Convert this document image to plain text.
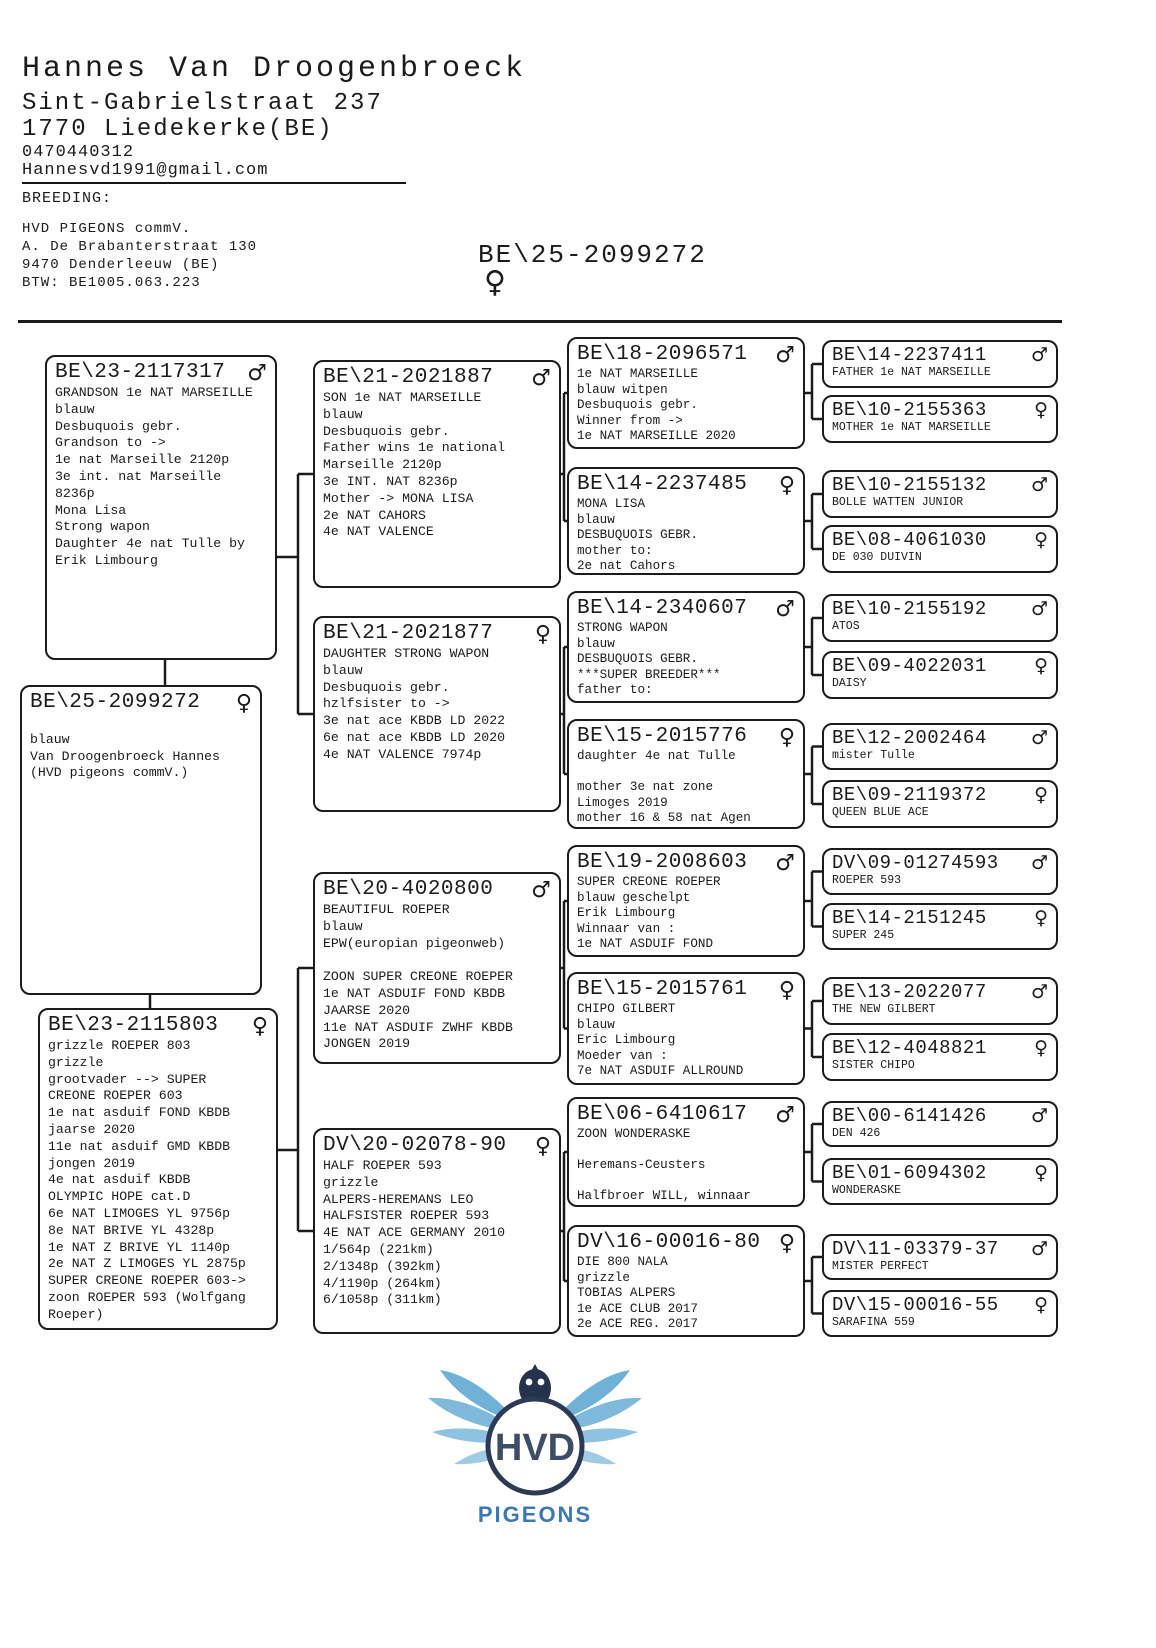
Hannes Van Droogenbroeck
Sint-Gabrielstraat 237
1770 Liedekerke(BE)
0470440312
Hannesvd1991@gmail.com
BREEDING:
HVD PIGEONS commV.
A. De Brabanterstraat 130
9470 Denderleeuw (BE)
BTW: BE1005.063.223
BE\25-2099272
♀
BE\23-2117317 ♂
GRANDSON 1e NAT MARSEILLE
blauw
Desbuquois gebr.
Grandson to ->
1e nat Marseille 2120p
3e int. nat Marseille
8236p
Mona Lisa
Strong wapon
Daughter 4e nat Tulle by
Erik Limbourg
BE\25-2099272 ♀

blauw
Van Droogenbroeck Hannes
(HVD pigeons commV.)
BE\23-2115803 ♀
grizzle ROEPER 803
grizzle
grootvader --> SUPER
CREONE ROEPER 603
1e nat asduif FOND KBDB
jaarse 2020
11e nat asduif GMD KBDB
jongen 2019
4e nat asduif KBDB
OLYMPIC HOPE cat.D
6e NAT LIMOGES YL 9756p
8e NAT BRIVE YL 4328p
1e NAT Z BRIVE YL 1140p
2e NAT Z LIMOGES YL 2875p
SUPER CREONE ROEPER 603->
zoon ROEPER 593 (Wolfgang
Roeper)
BE\21-2021887 ♂
SON 1e NAT MARSEILLE
blauw
Desbuquois gebr.
Father wins 1e national
Marseille 2120p
3e INT. NAT 8236p
Mother -> MONA LISA
2e NAT CAHORS
4e NAT VALENCE
BE\21-2021877 ♀
DAUGHTER STRONG WAPON
blauw
Desbuquois gebr.
hzlfsister to ->
3e nat ace KBDB LD 2022
6e nat ace KBDB LD 2020
4e NAT VALENCE 7974p
BE\20-4020800 ♂
BEAUTIFUL ROEPER
blauw
EPW(europian pigeonweb)

ZOON SUPER CREONE ROEPER
1e NAT ASDUIF FOND KBDB
JAARSE 2020
11e NAT ASDUIF ZWHF KBDB
JONGEN 2019
DV\20-02078-90 ♀
HALF ROEPER 593
grizzle
ALPERS-HEREMANS LEO
HALFSISTER ROEPER 593
4E NAT ACE GERMANY 2010
1/564p (221km)
2/1348p (392km)
4/1190p (264km)
6/1058p (311km)
BE\18-2096571 ♂
1e NAT MARSEILLE
blauw witpen
Desbuquois gebr.
Winner from ->
1e NAT MARSEILLE 2020
BE\14-2237485 ♀
MONA LISA
blauw
DESBUQUOIS GEBR.
mother to:
2e nat Cahors
BE\14-2340607 ♂
STRONG WAPON
blauw
DESBUQUOIS GEBR.
***SUPER BREEDER***
father to:
BE\15-2015776 ♀
daughter 4e nat Tulle

mother 3e nat zone
Limoges 2019
mother 16 & 58 nat Agen
BE\19-2008603 ♂
SUPER CREONE ROEPER
blauw geschelpt
Erik Limbourg
Winnaar van :
1e NAT ASDUIF FOND
BE\15-2015761 ♀
CHIPO GILBERT
blauw
Eric Limbourg
Moeder van :
7e NAT ASDUIF ALLROUND
BE\06-6410617 ♂
ZOON WONDERASKE

Heremans-Ceusters

Halfbroer WILL, winnaar
DV\16-00016-80 ♀
DIE 800 NALA
grizzle
TOBIAS ALPERS
1e ACE CLUB 2017
2e ACE REG. 2017
BE\14-2237411 ♂
FATHER 1e NAT MARSEILLE
BE\10-2155363 ♀
MOTHER 1e NAT MARSEILLE
BE\10-2155132 ♂
BOLLE WATTEN JUNIOR
BE\08-4061030 ♀
DE 030 DUIVIN
BE\10-2155192 ♂
ATOS
BE\09-4022031 ♀
DAISY
BE\12-2002464 ♂
mister Tulle
BE\09-2119372 ♀
QUEEN BLUE ACE
DV\09-01274593 ♂
ROEPER 593
BE\14-2151245 ♀
SUPER 245
BE\13-2022077 ♂
THE NEW GILBERT
BE\12-4048821 ♀
SISTER CHIPO
BE\00-6141426 ♂
DEN 426
BE\01-6094302 ♀
WONDERASKE
DV\11-03379-37 ♂
MISTER PERFECT
DV\15-00016-55 ♀
SARAFINA 559
HVD
PIGEONS
